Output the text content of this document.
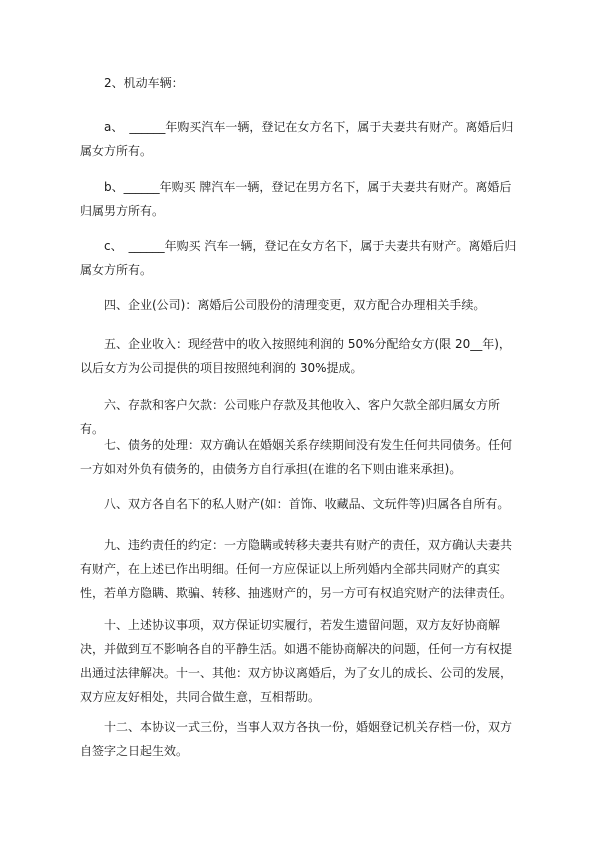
2、机动车辆：

a、　______年购买汽车一辆，登记在女方名下，属于夫妻共有财产。离婚后归属女方所有。

b、______年购买 牌汽车一辆，登记在男方名下，属于夫妻共有财产。离婚后归属男方所有。

c、　______年购买 汽车一辆，登记在女方名下，属于夫妻共有财产。离婚后归属女方所有。

四、企业(公司)：离婚后公司股份的清理变更，双方配合办理相关手续。

五、企业收入：现经营中的收入按照纯利润的 50%分配给女方(限 20__年)，以后女方为公司提供的项目按照纯利润的 30%提成。

六、存款和客户欠款：公司账户存款及其他收入、客户欠款全部归属女方所有。

七、债务的处理：双方确认在婚姻关系存续期间没有发生任何共同债务。任何一方如对外负有债务的，由债务方自行承担(在谁的名下则由谁来承担)。

八、双方各自名下的私人财产(如：首饰、收藏品、文玩件等)归属各自所有。

九、违约责任的约定：一方隐瞒或转移夫妻共有财产的责任，双方确认夫妻共有财产，在上述已作出明细。任何一方应保证以上所列婚内全部共同财产的真实性，若单方隐瞒、欺骗、转移、抽逃财产的，另一方可有权追究财产的法律责任。

十、上述协议事项，双方保证切实履行，若发生遗留问题，双方友好协商解决，并做到互不影响各自的平静生活。如遇不能协商解决的问题，任何一方有权提出通过法律解决。十一、其他：双方协议离婚后，为了女儿的成长、公司的发展，双方应友好相处，共同合做生意，互相帮助。

十二、本协议一式三份，当事人双方各执一份，婚姻登记机关存档一份，双方自签字之日起生效。
